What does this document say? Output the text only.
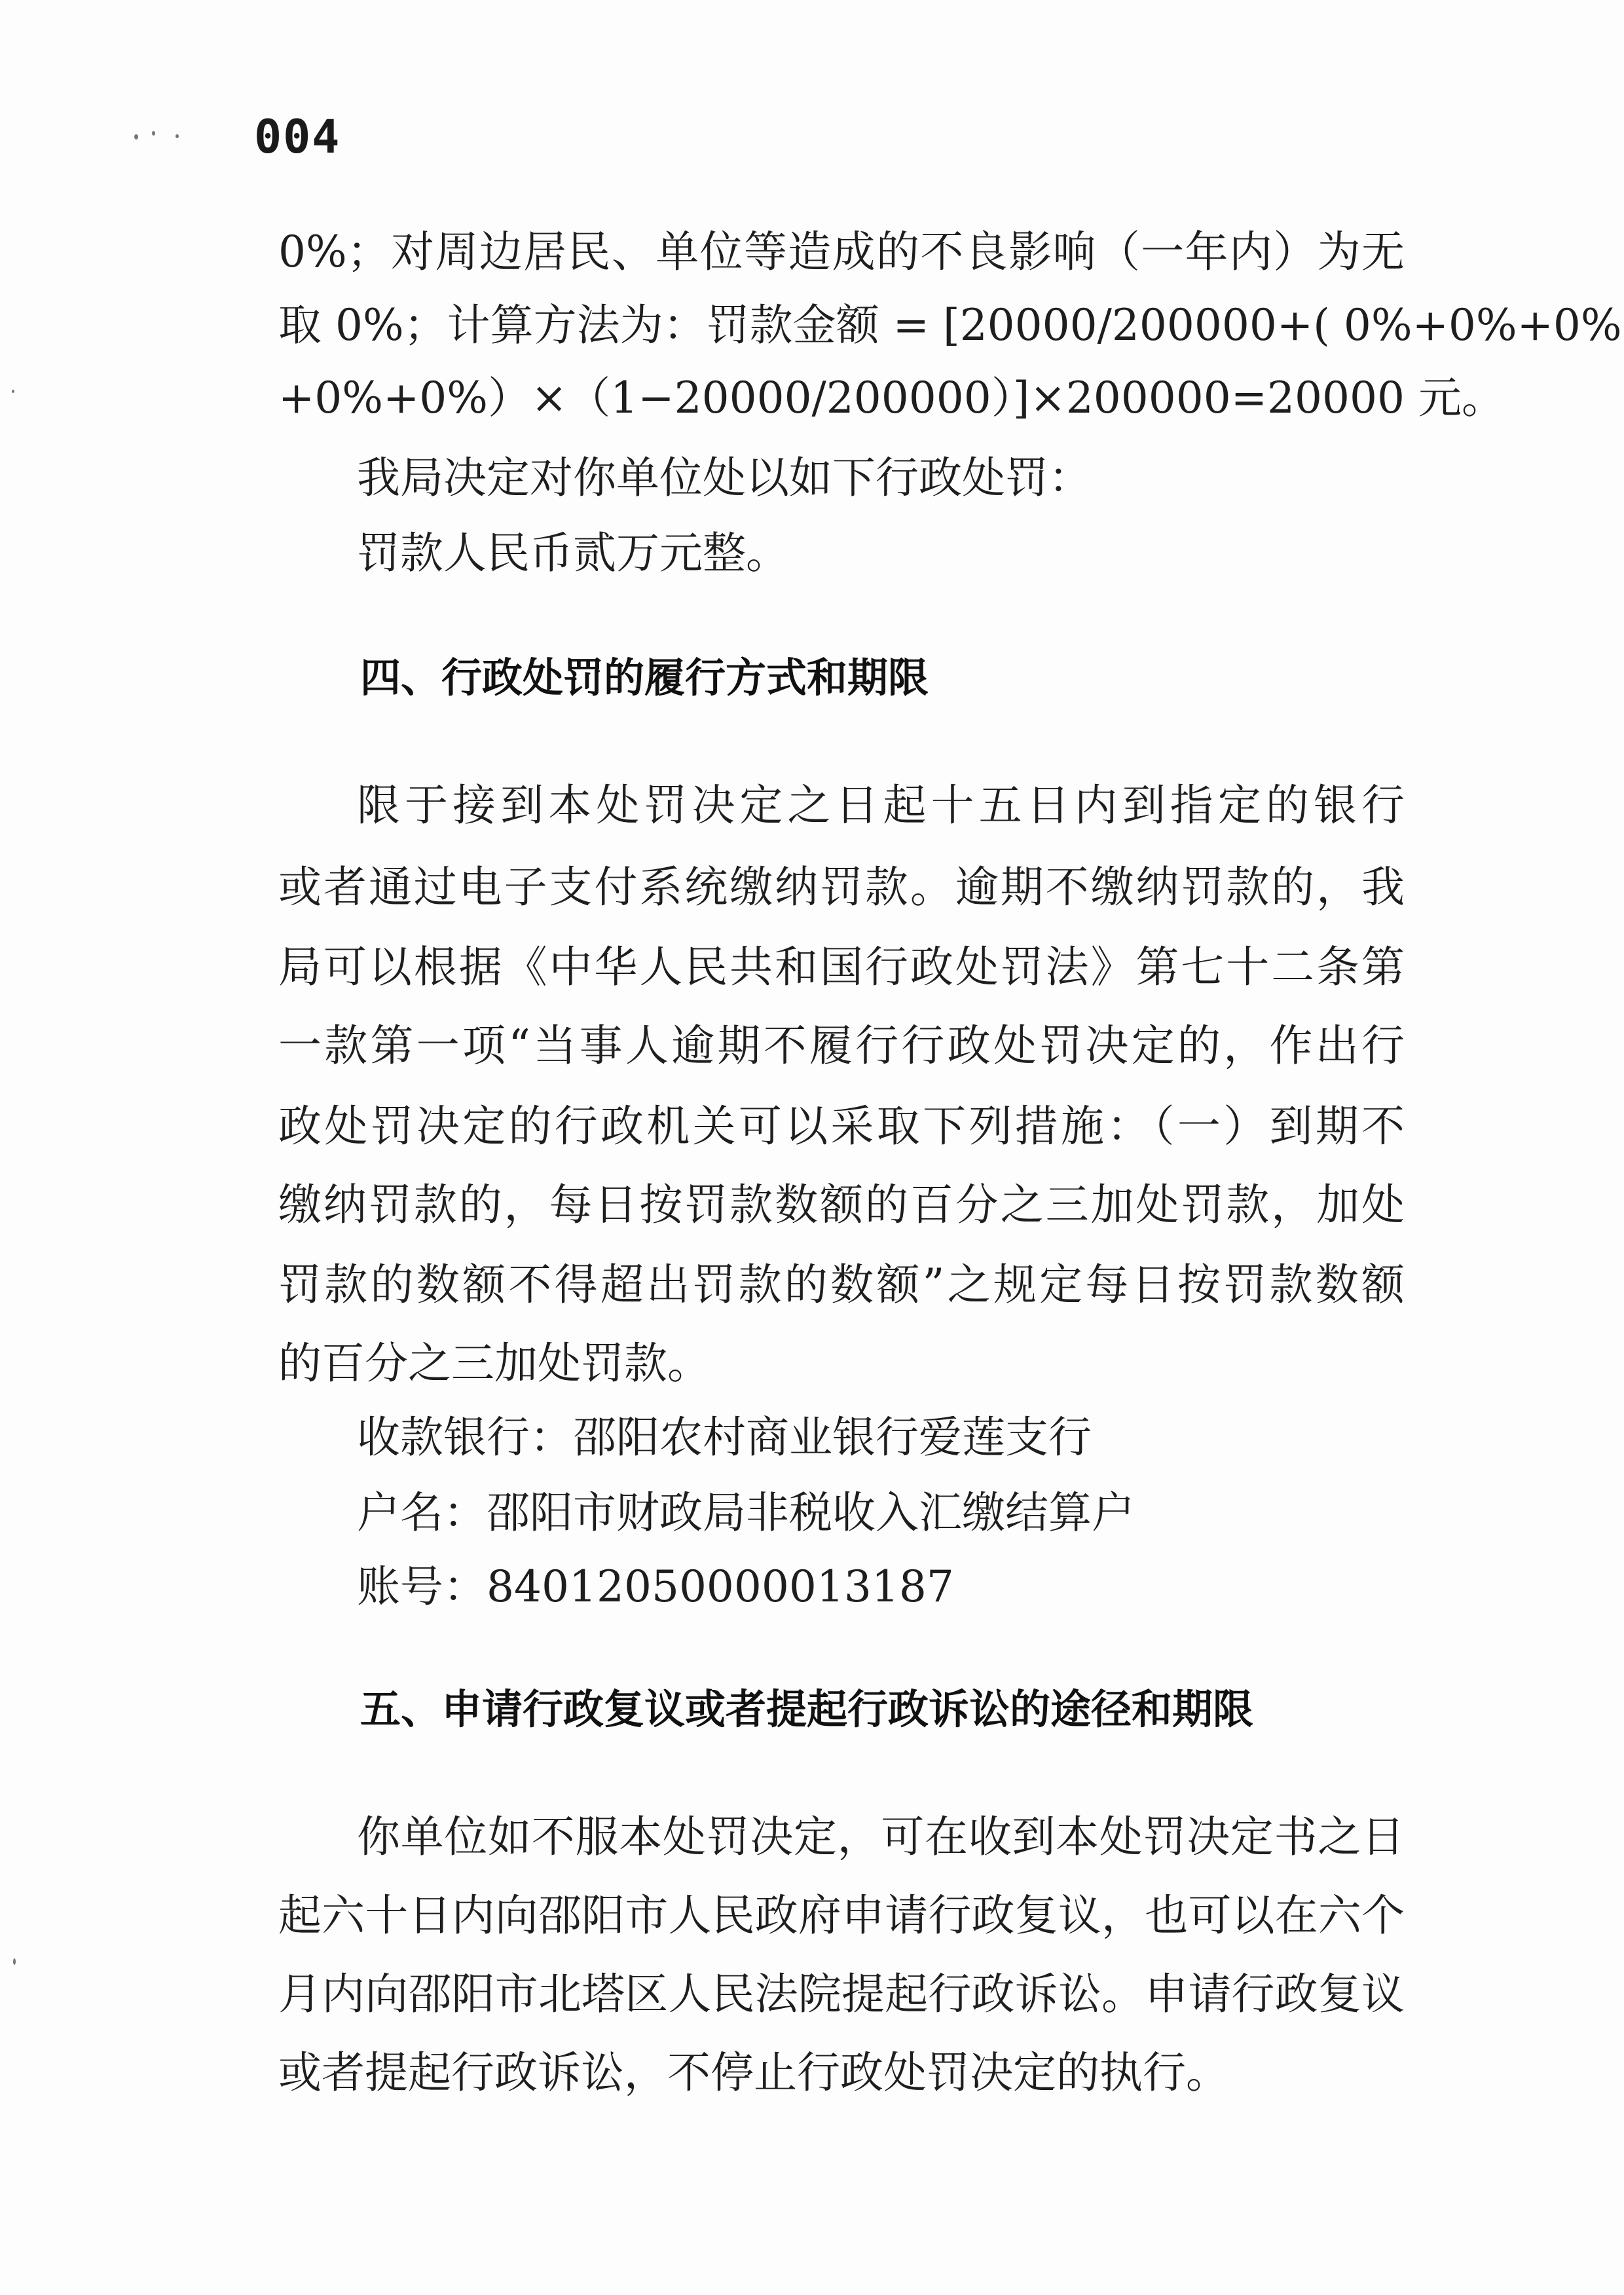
004
0%；对周边居民、单位等造成的不良影响（一年内）为无
取 0%；计算方法为：罚款金额 = [20000/200000+( 0%+0%+0%
+0%+0%）×（1−20000/200000）]×200000=20000 元。
我局决定对你单位处以如下行政处罚：
罚款人民币贰万元整。
四、行政处罚的履行方式和期限
限于接到本处罚决定之日起十五日内到指定的银行
或者通过电子支付系统缴纳罚款。逾期不缴纳罚款的，我
局可以根据《中华人民共和国行政处罚法》第七十二条第
一款第一项“当事人逾期不履行行政处罚决定的，作出行
政处罚决定的行政机关可以采取下列措施：（一）到期不
缴纳罚款的，每日按罚款数额的百分之三加处罚款，加处
罚款的数额不得超出罚款的数额”之规定每日按罚款数额
的百分之三加处罚款。
收款银行：邵阳农村商业银行爱莲支行
户名：邵阳市财政局非税收入汇缴结算户
账号：84012050000013187
五、申请行政复议或者提起行政诉讼的途径和期限
你单位如不服本处罚决定，可在收到本处罚决定书之日
起六十日内向邵阳市人民政府申请行政复议，也可以在六个
月内向邵阳市北塔区人民法院提起行政诉讼。申请行政复议
或者提起行政诉讼，不停止行政处罚决定的执行。
